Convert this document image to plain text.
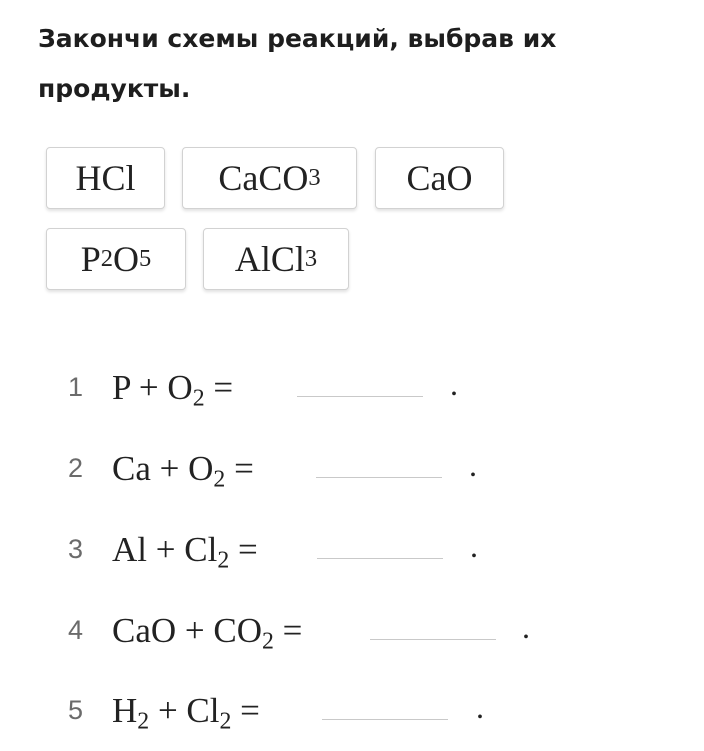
Закончи схемы реакций, выбрав их продукты.
HCl CaCO 3 CaO
P 2 O 5 AlCl 3
1 $P + O_2$ =	.
2 $Ca + O_2$ =	.
3 $Al + Cl_2$ =	.
4 CaO + $CO_2$ =	.
5 $H_2 + Cl_2$ =	.
